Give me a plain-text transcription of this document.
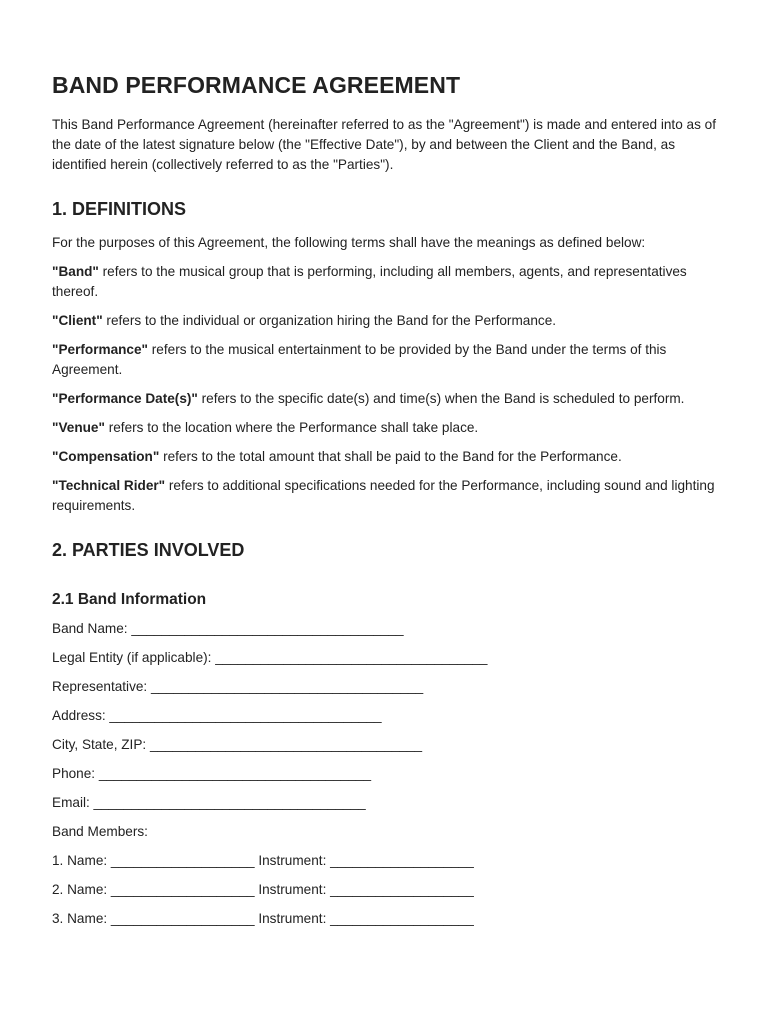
BAND PERFORMANCE AGREEMENT

This Band Performance Agreement (hereinafter referred to as the "Agreement") is made and entered into as of the date of the latest signature below (the "Effective Date"), by and between the Client and the Band, as identified herein (collectively referred to as the "Parties").

1. DEFINITIONS

For the purposes of this Agreement, the following terms shall have the meanings as defined below:

"Band" refers to the musical group that is performing, including all members, agents, and representatives thereof.

"Client" refers to the individual or organization hiring the Band for the Performance.

"Performance" refers to the musical entertainment to be provided by the Band under the terms of this Agreement.

"Performance Date(s)" refers to the specific date(s) and time(s) when the Band is scheduled to perform.

"Venue" refers to the location where the Performance shall take place.

"Compensation" refers to the total amount that shall be paid to the Band for the Performance.

"Technical Rider" refers to additional specifications needed for the Performance, including sound and lighting requirements.

2. PARTIES INVOLVED
2.1 Band Information
Band Name: ____________________________________
Legal Entity (if applicable): ____________________________________
Representative: ____________________________________
Address: ____________________________________
City, State, ZIP: ____________________________________
Phone: ____________________________________
Email: ____________________________________
Band Members:
1. Name: ___________________ Instrument: ___________________
2. Name: ___________________ Instrument: ___________________
3. Name: ___________________ Instrument: ___________________
